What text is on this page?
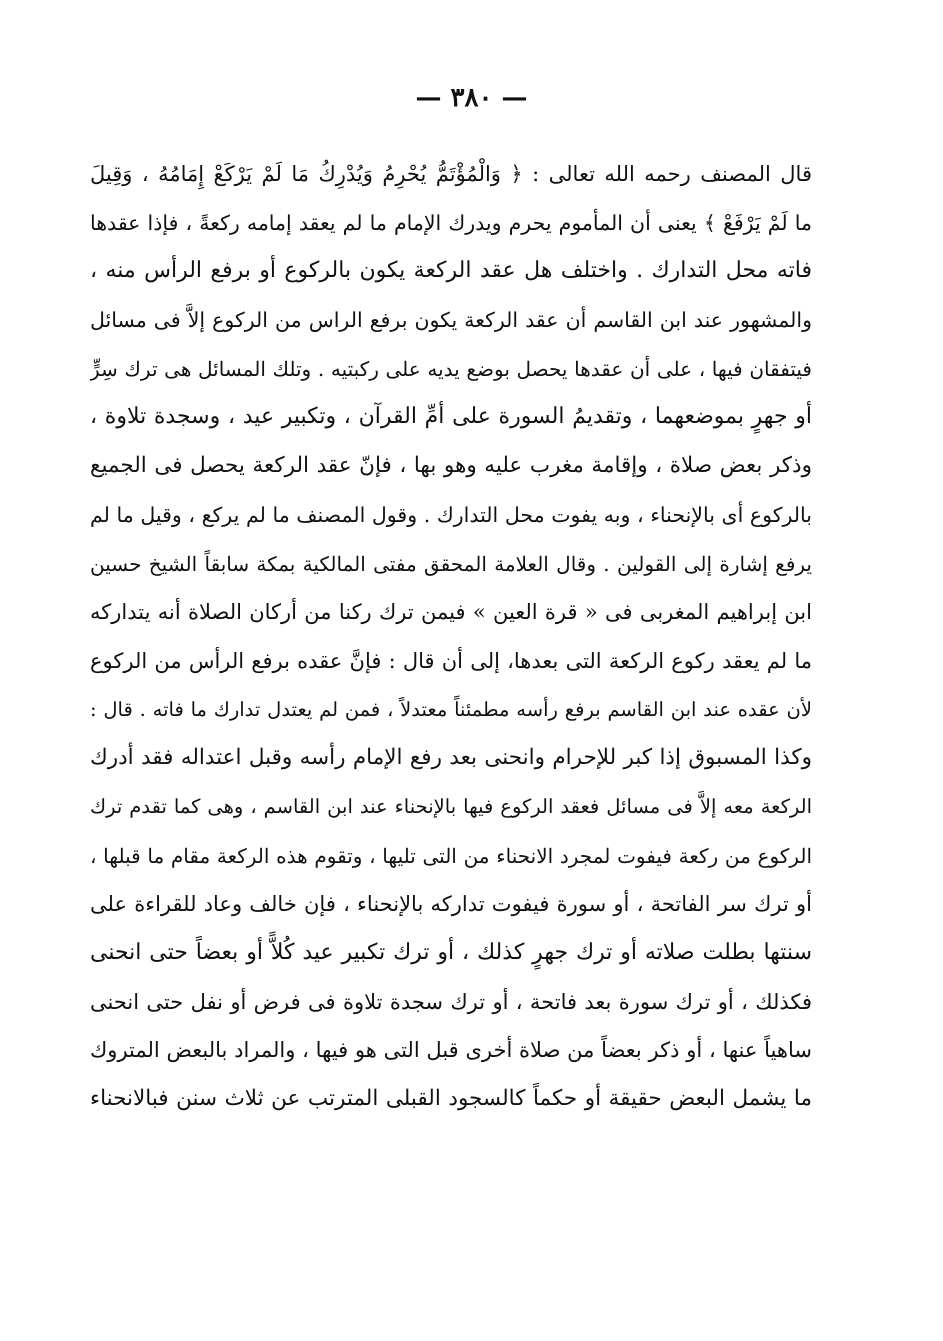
— ٣٨٠ —
قال المصنف رحمه الله تعالى : ﴿ وَالْمُؤْتَمُّ يُحْرِمُ وَيُدْرِكُ مَا لَمْ يَرْكَعْ إِمَامُهُ ، وَقِيلَ
ما لَمْ يَرْفَعْ ﴾ يعنى أن المأموم يحرم ويدرك الإمام ما لم يعقد إمامه ركعةً ، فإذا عقدها
فاته محل التدارك . واختلف هل عقد الركعة يكون بالركوع أو برفع الرأس منه ،
والمشهور عند ابن القاسم أن عقد الركعة يكون برفع الراس من الركوع إلاَّ فى مسائل
فيتفقان فيها ، على أن عقدها يحصل بوضع يديه على ركبتيه . وتلك المسائل هى ترك سِرٍّ
أو جهرٍ بموضعهما ، وتقديمُ السورة على أمِّ القرآن ، وتكبير عيد ، وسجدة تلاوة ،
وذكر بعض صلاة ، وإقامة مغرب عليه وهو بها ، فإنّ عقد الركعة يحصل فى الجميع
بالركوع أى بالإنحناء ، وبه يفوت محل التدارك . وقول المصنف ما لم يركع ، وقيل ما لم
يرفع إشارة إلى القولين . وقال العلامة المحقق مفتى المالكية بمكة سابقاً الشيخ حسين
ابن إبراهيم المغربى فى « قرة العين » فيمن ترك ركنا من أركان الصلاة أنه يتداركه
ما لم يعقد ركوع الركعة التى بعدها، إلى أن قال : فإنَّ عقده برفع الرأس من الركوع
لأن عقده عند ابن القاسم برفع رأسه مطمئناً معتدلاً ، فمن لم يعتدل تدارك ما فاته . قال :
وكذا المسبوق إذا كبر للإحرام وانحنى بعد رفع الإمام رأسه وقبل اعتداله فقد أدرك
الركعة معه إلاَّ فى مسائل فعقد الركوع فيها بالإنحناء عند ابن القاسم ، وهى كما تقدم ترك
الركوع من ركعة فيفوت لمجرد الانحناء من التى تليها ، وتقوم هذه الركعة مقام ما قبلها ،
أو ترك سر الفاتحة ، أو سورة فيفوت تداركه بالإنحناء ، فإن خالف وعاد للقراءة على
سنتها بطلت صلاته أو ترك جهرٍ كذلك ، أو ترك تكبير عيد كُلاًّ أو بعضاً حتى انحنى
فكذلك ، أو ترك سورة بعد فاتحة ، أو ترك سجدة تلاوة فى فرض أو نفل حتى انحنى
ساهياً عنها ، أو ذكر بعضاً من صلاة أخرى قبل التى هو فيها ، والمراد بالبعض المتروك
ما يشمل البعض حقيقة أو حكماً كالسجود القبلى المترتب عن ثلاث سنن فبالانحناء
